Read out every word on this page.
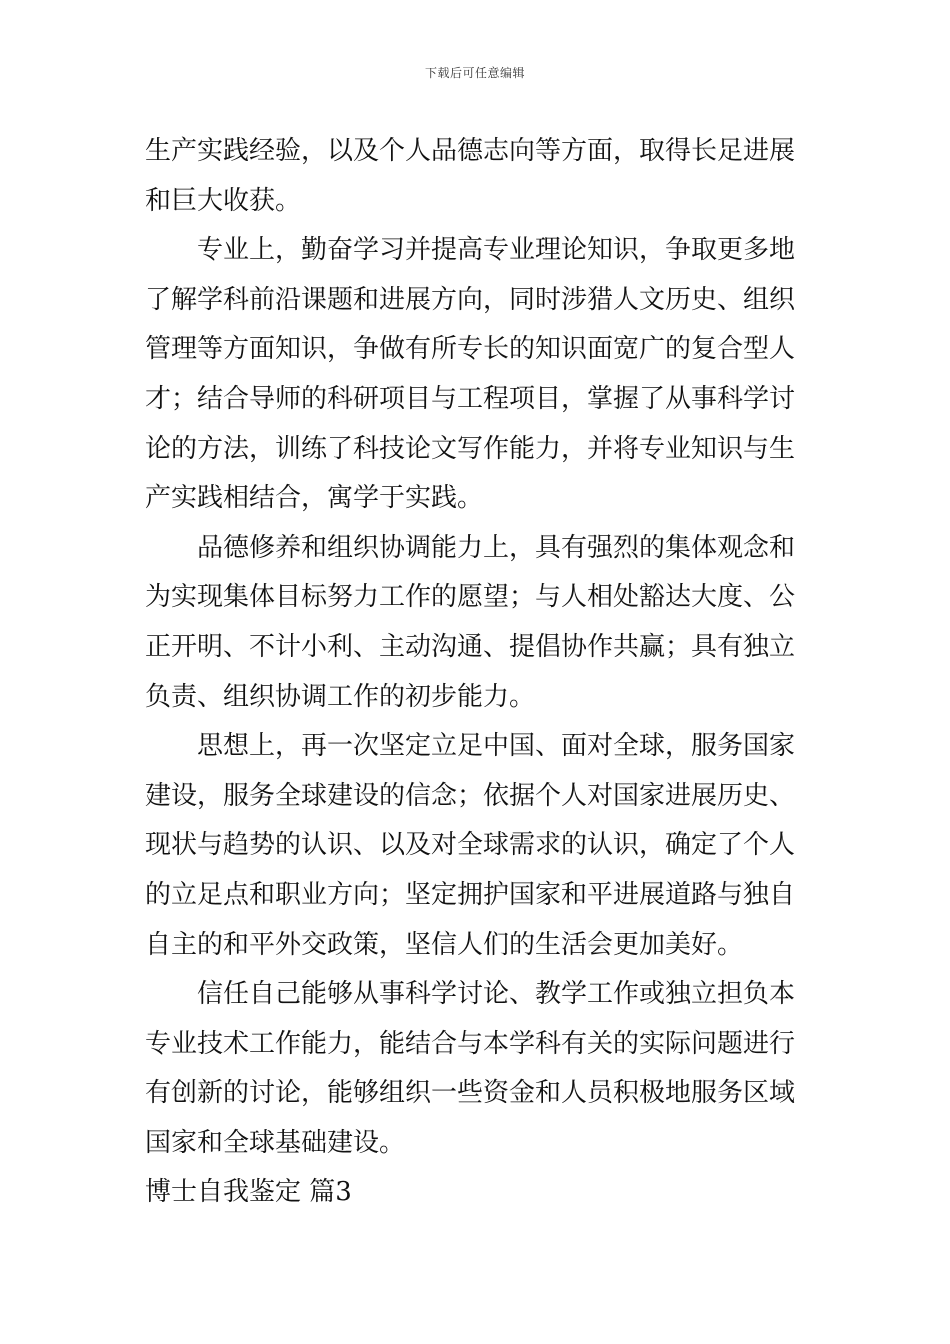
下载后可任意编辑
生产实践经验，以及个人品德志向等方面，取得长足进展
和巨大收获。
专业上，勤奋学习并提高专业理论知识，争取更多地
了解学科前沿课题和进展方向，同时涉猎人文历史、组织
管理等方面知识，争做有所专长的知识面宽广的复合型人
才；结合导师的科研项目与工程项目，掌握了从事科学讨
论的方法，训练了科技论文写作能力，并将专业知识与生
产实践相结合，寓学于实践。
品德修养和组织协调能力上，具有强烈的集体观念和
为实现集体目标努力工作的愿望；与人相处豁达大度、公
正开明、不计小利、主动沟通、提倡协作共赢；具有独立
负责、组织协调工作的初步能力。
思想上，再一次坚定立足中国、面对全球，服务国家
建设，服务全球建设的信念；依据个人对国家进展历史、
现状与趋势的认识、以及对全球需求的认识，确定了个人
的立足点和职业方向；坚定拥护国家和平进展道路与独自
自主的和平外交政策，坚信人们的生活会更加美好。
信任自己能够从事科学讨论、教学工作或独立担负本
专业技术工作能力，能结合与本学科有关的实际问题进行
有创新的讨论，能够组织一些资金和人员积极地服务区域
国家和全球基础建设。
博士自我鉴定 篇3
